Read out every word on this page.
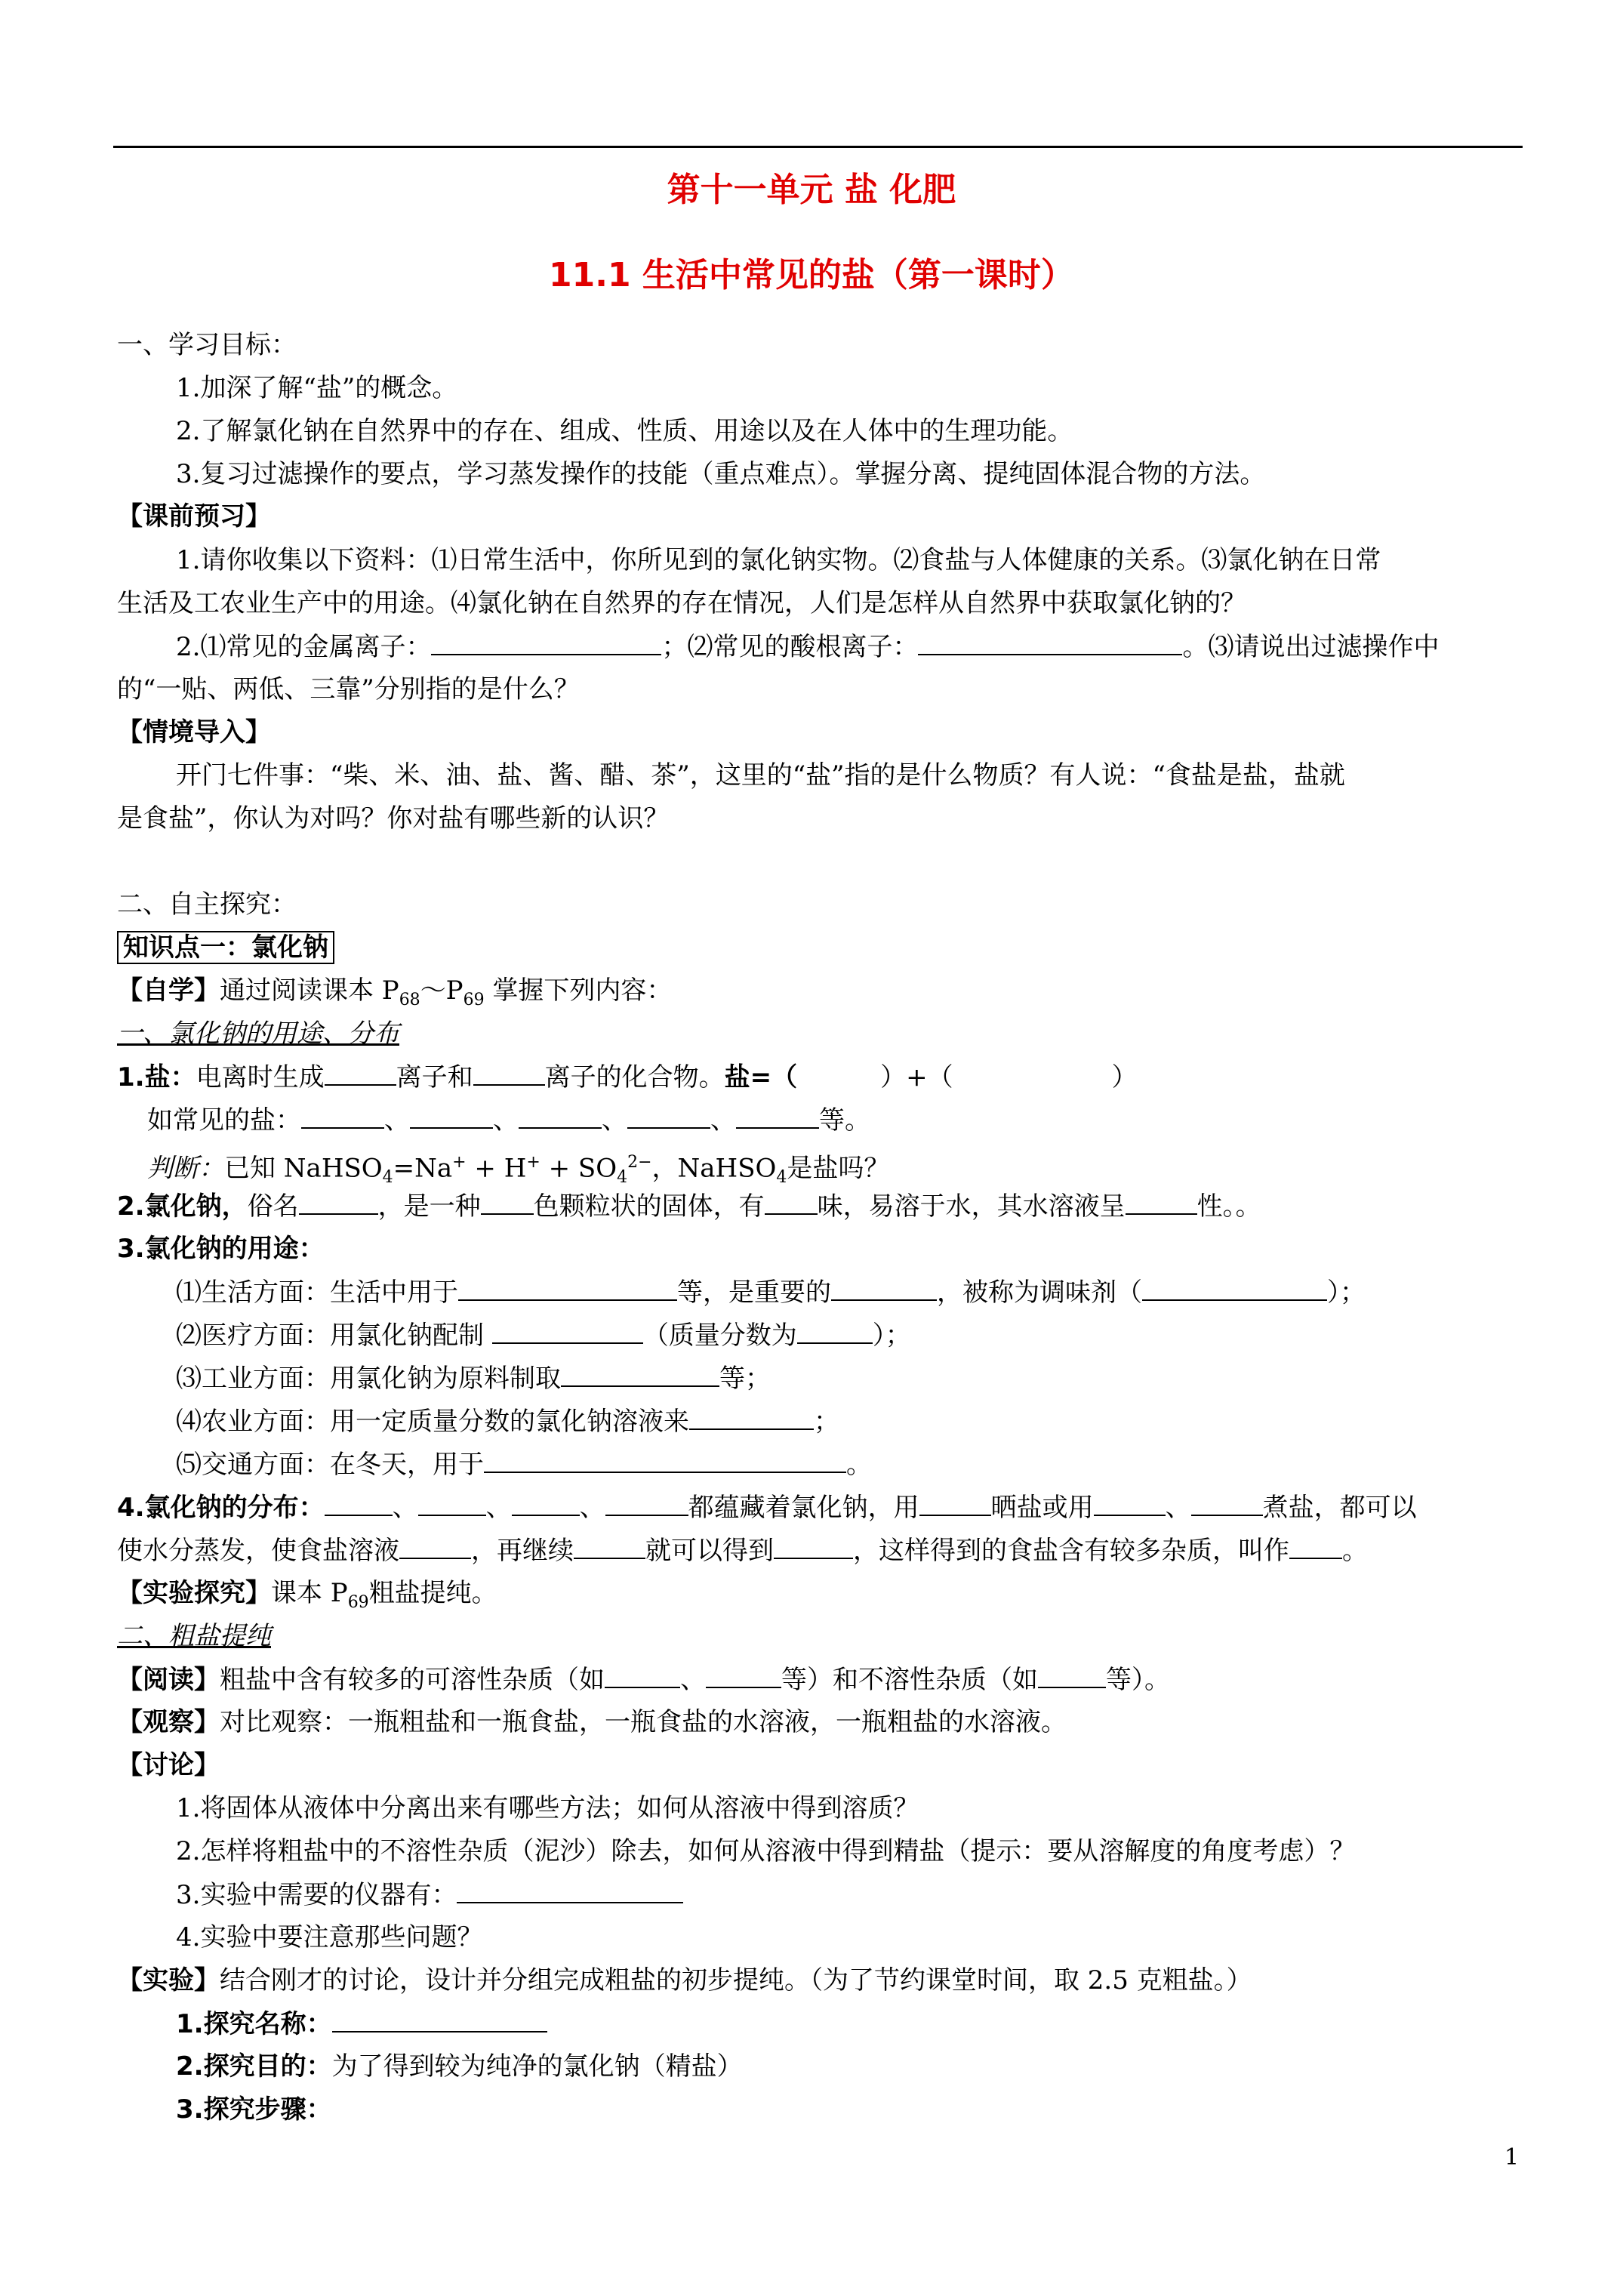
第十一单元 盐 化肥
11.1 生活中常见的盐（第一课时）
一、学习目标：
1.加深了解“盐”的概念。
2.了解氯化钠在自然界中的存在、组成、性质、用途以及在人体中的生理功能。
3.复习过滤操作的要点，学习蒸发操作的技能（重点难点）。掌握分离、提纯固体混合物的方法。
【课前预习】
1.请你收集以下资料：⑴日常生活中，你所见到的氯化钠实物。⑵食盐与人体健康的关系。⑶氯化钠在日常
生活及工农业生产中的用途。⑷氯化钠在自然界的存在情况，人们是怎样从自然界中获取氯化钠的？
2.⑴常见的金属离子：	；⑵常见的酸根离子：	。⑶请说出过滤操作中
的“一贴、两低、三靠”分别指的是什么？
【情境导入】
开门七件事：“柴、米、油、盐、酱、醋、茶”，这里的“盐”指的是什么物质？有人说：“食盐是盐，盐就
是食盐”，你认为对吗？你对盐有哪些新的认识？
二、自主探究：
知识点一：氯化钠
【自学】通过阅读课本 $P_{68}\sim P_{69}$ 掌握下列内容：
一、氯化钠的用途、分布
1.盐：电离时生成	离子和	离子的化合物。盐=（	）+（	）
如常见的盐：	、	、	、	、	等。
判断：已知 NaHSO$_4$=Na+ + $H^+ + SO_4^{2-}$，NaHSO$_4$是盐吗？
2.氯化钠，俗名	，是一种 色颗粒状的固体，有 味，易溶于水，其水溶液呈	性。。
3.氯化钠的用途：
⑴生活方面：生活中用于	等，是重要的	，被称为调味剂（	）；
⑵医疗方面：用氯化钠配制	（质量分数为	）；
⑶工业方面：用氯化钠为原料制取	等；
⑷农业方面：用一定质量分数的氯化钠溶液来	；
⑸交通方面：在冬天，用于	。
4.氯化钠的分布：	、	、	、	都蕴藏着氯化钠，用	晒盐或用	、	煮盐，都可以
使水分蒸发，使食盐溶液	，再继续	就可以得到	，这样得到的食盐含有较多杂质，叫作 。
【实验探究】课本 $P_{69}$粗盐提纯。
二、粗盐提纯
【阅读】粗盐中含有较多的可溶性杂质（如	、	等）和不溶性杂质（如	等）。
【观察】对比观察：一瓶粗盐和一瓶食盐，一瓶食盐的水溶液，一瓶粗盐的水溶液。
【讨论】
1.将固体从液体中分离出来有哪些方法；如何从溶液中得到溶质？
2.怎样将粗盐中的不溶性杂质（泥沙）除去，如何从溶液中得到精盐（提示：要从溶解度的角度考虑）？
3.实验中需要的仪器有：
4.实验中要注意那些问题？
【实验】结合刚才的讨论，设计并分组完成粗盐的初步提纯。（为了节约课堂时间，取 2.5 克粗盐。）
1.探究名称：
2.探究目的：为了得到较为纯净的氯化钠（精盐）
3.探究步骤：
1
